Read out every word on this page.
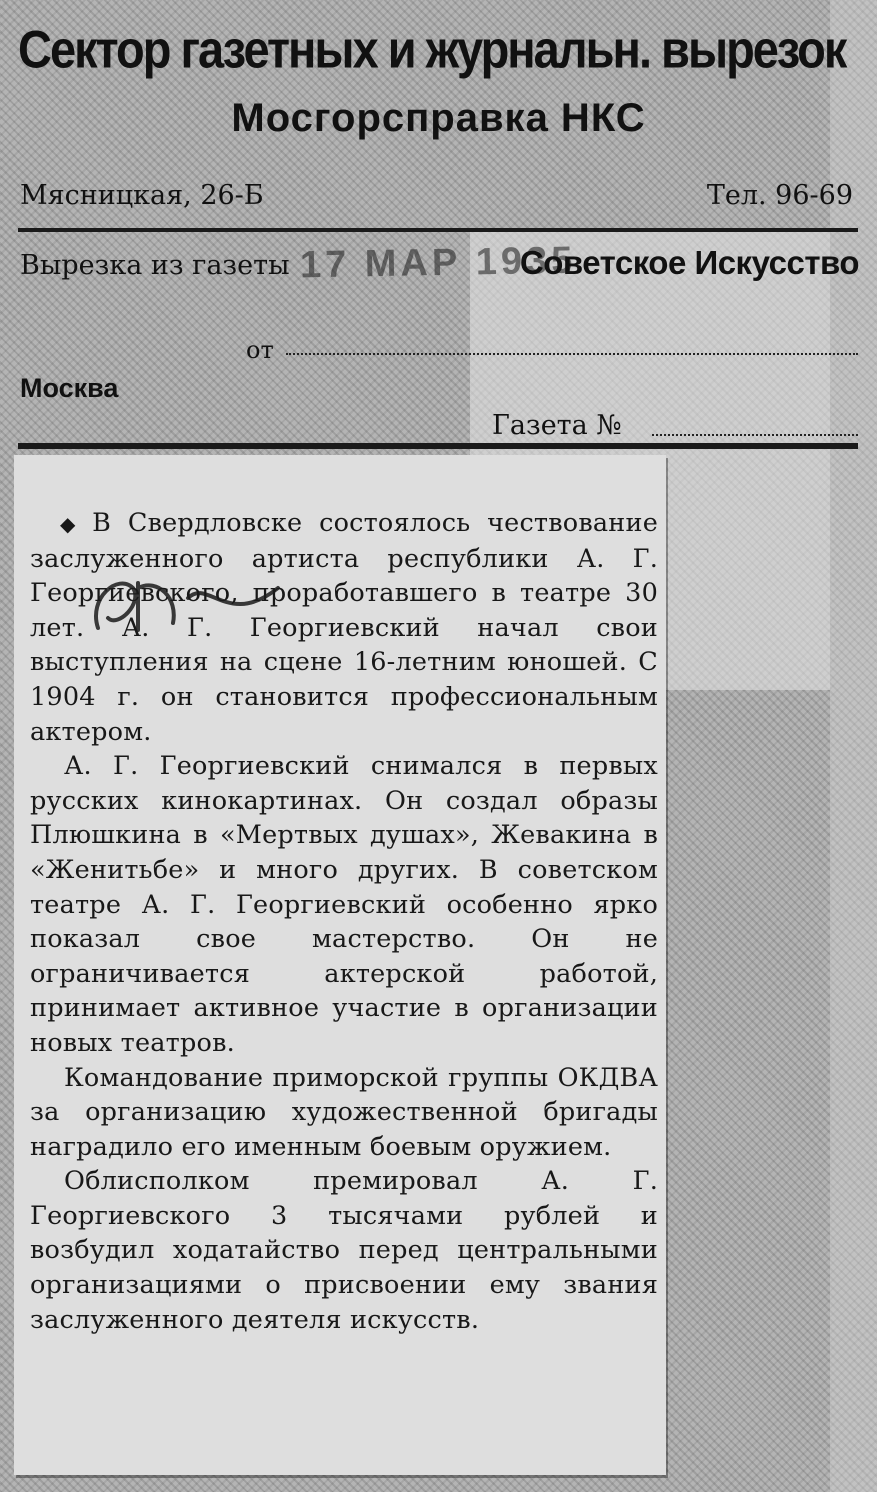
Сектор газетных и журнальн. вырезок
Мосгорсправка НКС
Мясницкая, 26-Б	Тел. 96-69
Вырезка из газеты 17 МАР 1935
Советское Искусство
от
Москва
Газета №

◆ В Свердловске состоялось чествование заслуженного артиста республики А. Г. Георгиевского, проработавшего в театре 30 лет. А. Г. Георгиевский начал свои выступления на сцене 16-летним юношей. С 1904 г. он становится профессиональным актером.

А. Г. Георгиевский снимался в первых русских кинокартинах. Он создал образы Плюшкина в «Мертвых душах», Жевакина в «Женитьбе» и много других. В советском театре А. Г. Георгиевский особенно ярко показал свое мастерство. Он не ограничивается актерской работой, принимает активное участие в организации новых театров.

Командование приморской группы ОКДВА за организацию художественной бригады наградило его именным боевым оружием.

Облисполком премировал А. Г. Георгиевского 3 тысячами рублей и возбудил ходатайство перед центральными организациями о присвоении ему звания заслуженного деятеля искусств.
